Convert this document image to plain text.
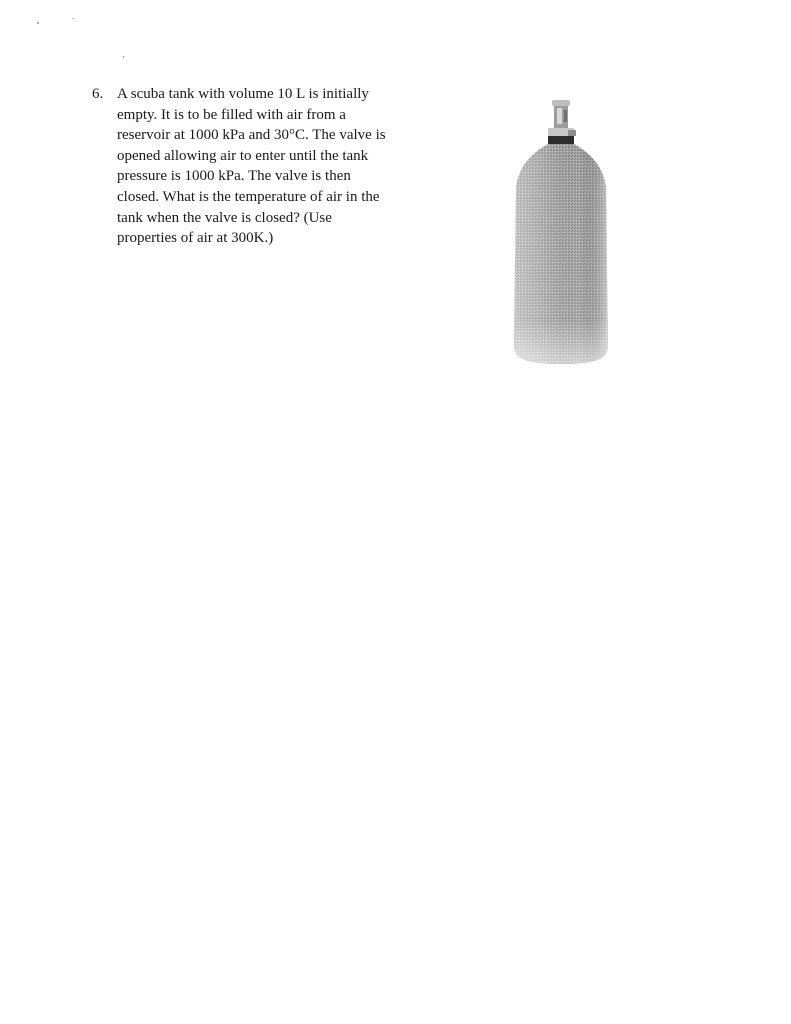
6. A scuba tank with volume 10 L is initially
empty. It is to be filled with air from a
reservoir at 1000 kPa and 30°C. The valve is
opened allowing air to enter until the tank
pressure is 1000 kPa. The valve is then
closed. What is the temperature of air in the
tank when the valve is closed? (Use
properties of air at 300K.)
